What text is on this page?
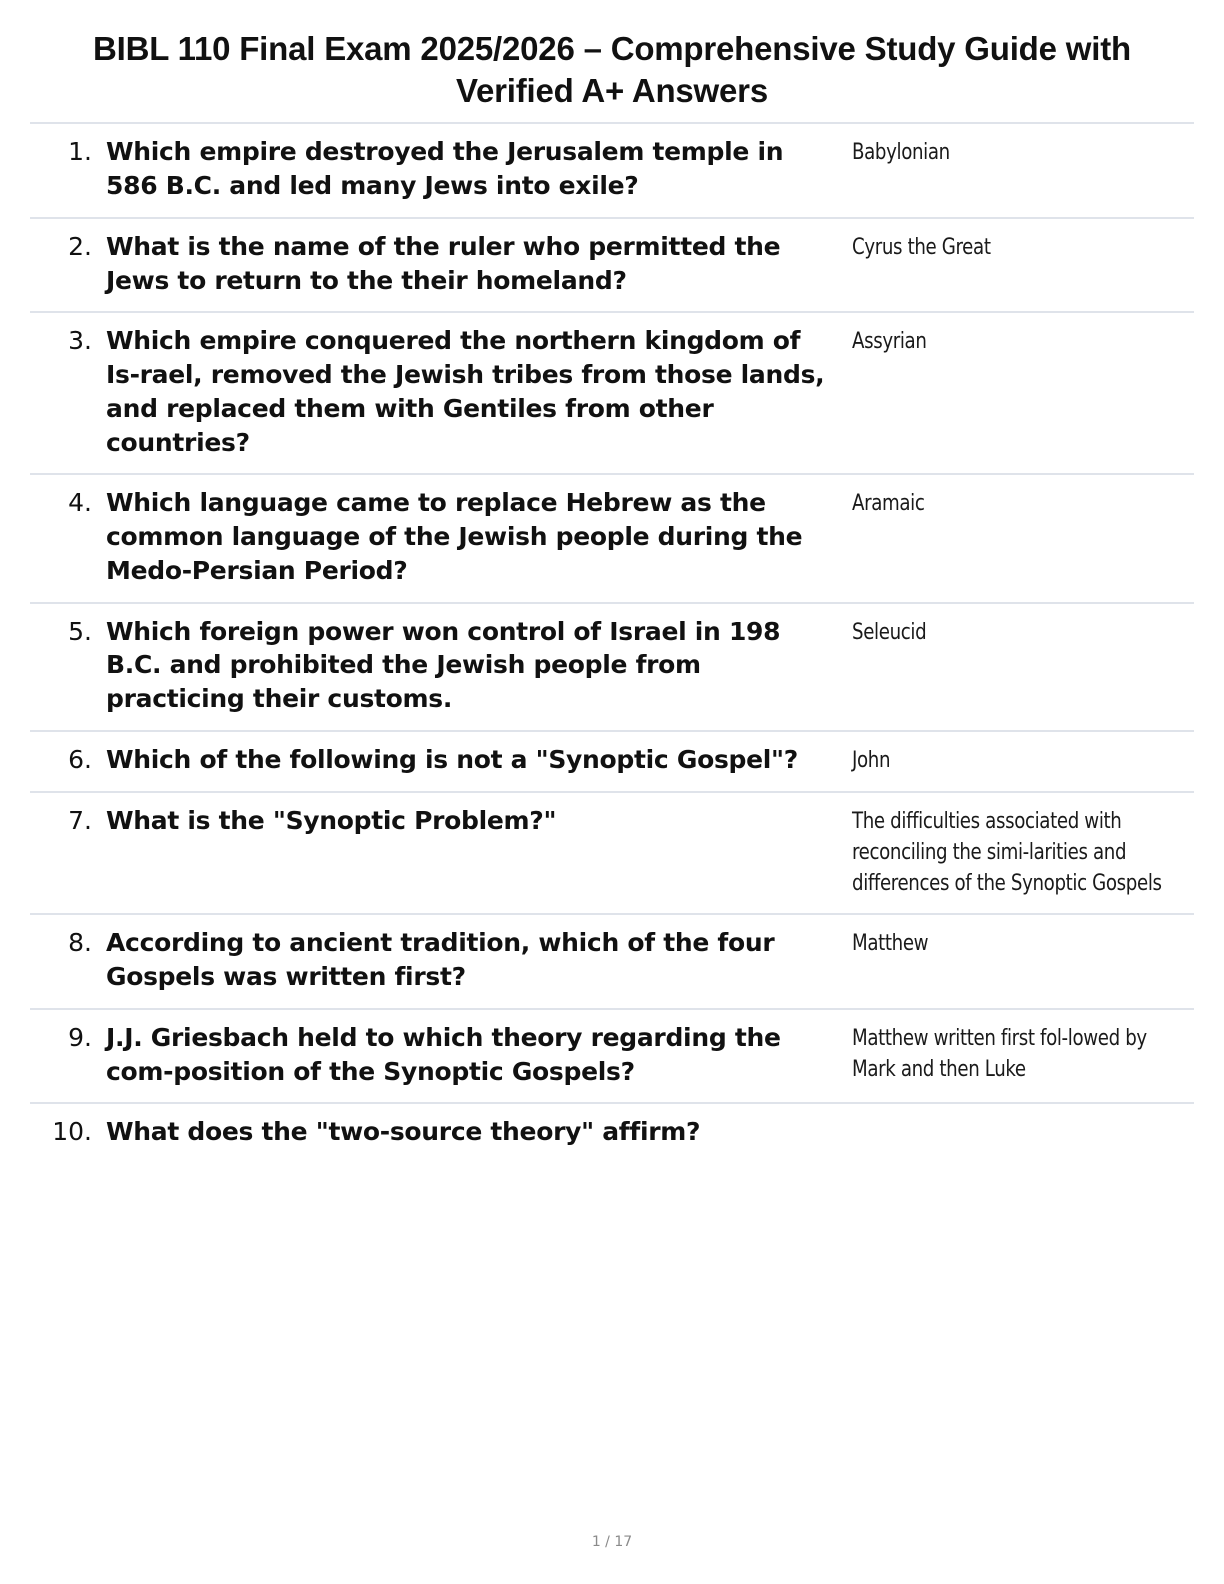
BIBL 110 Final Exam 2025/2026 – Comprehensive Study Guide with Verified A+ Answers
1.	Which empire destroyed the Jerusalem temple in 586 B.C. and led many Jews into exile?	Babylonian

2.	What is the name of the ruler who permitted the Jews to return to the their homeland?	Cyrus the Great

3.	Which empire conquered the northern kingdom of Is-rael, removed the Jewish tribes from those lands, and replaced them with Gentiles from other countries?	Assyrian

4.	Which language came to replace Hebrew as the common language of the Jewish people during the Medo-Persian Period?	Aramaic

5.	Which foreign power won control of Israel in 198 B.C. and prohibited the Jewish people from practicing their customs.	Seleucid

6.	Which of the following is not a "Synoptic Gospel"?	John

7.	What is the "Synoptic Problem?"	The difficulties associated with reconciling the simi-larities and differences of the Synoptic Gospels

8.	According to ancient tradition, which of the four Gospels was written first?	Matthew

9.	J.J. Griesbach held to which theory regarding the com-position of the Synoptic Gospels?	Matthew written first fol-lowed by Mark and then Luke

10.	What does the "two-source theory" affirm?	
1 / 17
